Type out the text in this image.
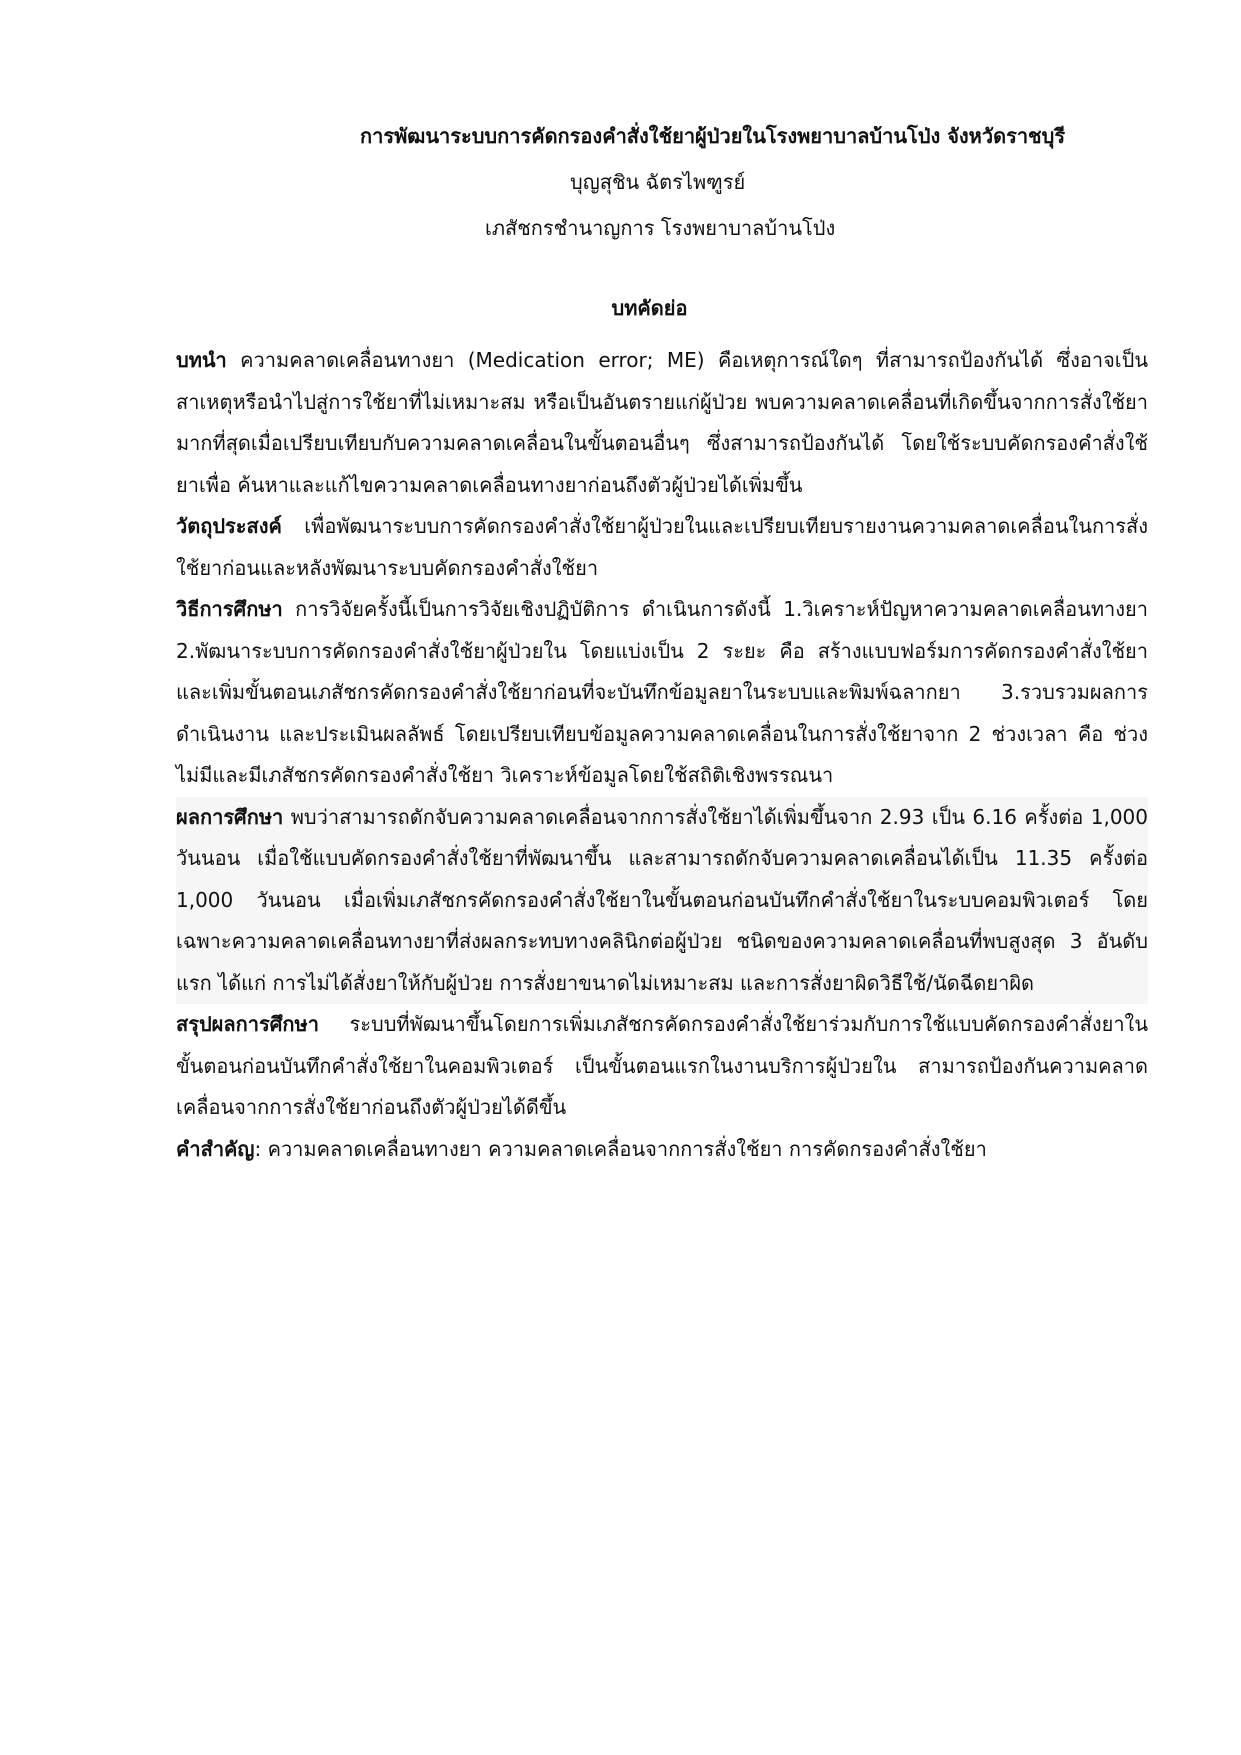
การพัฒนาระบบการคัดกรองคำสั่งใช้ยาผู้ป่วยในโรงพยาบาลบ้านโป่ง จังหวัดราชบุรี
บุญสุชิน ฉัตรไพฑูรย์
เภสัชกรชำนาญการ โรงพยาบาลบ้านโป่ง
บทคัดย่อ

บทนำ ความคลาดเคลื่อนทางยา (Medication error; ME) คือเหตุการณ์ใดๆ ที่สามารถป้องกันได้ ซึ่งอาจเป็นสาเหตุหรือนำไปสู่การใช้ยาที่ไม่เหมาะสม หรือเป็นอันตรายแก่ผู้ป่วย พบความคลาดเคลื่อนที่เกิดขึ้นจากการสั่งใช้ยามากที่สุดเมื่อเปรียบเทียบกับความคลาดเคลื่อนในขั้นตอนอื่นๆ ซึ่งสามารถป้องกันได้ โดยใช้ระบบคัดกรองคำสั่งใช้ยาเพื่อ ค้นหาและแก้ไขความคลาดเคลื่อนทางยาก่อนถึงตัวผู้ป่วยได้เพิ่มขึ้น

วัตถุประสงค์ เพื่อพัฒนาระบบการคัดกรองคำสั่งใช้ยาผู้ป่วยในและเปรียบเทียบรายงานความคลาดเคลื่อนในการสั่งใช้ยาก่อนและหลังพัฒนาระบบคัดกรองคำสั่งใช้ยา

วิธีการศึกษา การวิจัยครั้งนี้เป็นการวิจัยเชิงปฏิบัติการ ดำเนินการดังนี้ 1.วิเคราะห์ปัญหาความคลาดเคลื่อนทางยา 2.พัฒนาระบบการคัดกรองคำสั่งใช้ยาผู้ป่วยใน โดยแบ่งเป็น 2 ระยะ คือ สร้างแบบฟอร์มการคัดกรองคำสั่งใช้ยาและเพิ่มขั้นตอนเภสัชกรคัดกรองคำสั่งใช้ยาก่อนที่จะบันทึกข้อมูลยาในระบบและพิมพ์ฉลากยา 3.รวบรวมผลการดำเนินงาน และประเมินผลลัพธ์ โดยเปรียบเทียบข้อมูลความคลาดเคลื่อนในการสั่งใช้ยาจาก 2 ช่วงเวลา คือ ช่วงไม่มีและมีเภสัชกรคัดกรองคำสั่งใช้ยา วิเคราะห์ข้อมูลโดยใช้สถิติเชิงพรรณนา

ผลการศึกษา พบว่าสามารถดักจับความคลาดเคลื่อนจากการสั่งใช้ยาได้เพิ่มขึ้นจาก 2.93 เป็น 6.16 ครั้งต่อ 1,000 วันนอน เมื่อใช้แบบคัดกรองคำสั่งใช้ยาที่พัฒนาขึ้น และสามารถดักจับความคลาดเคลื่อนได้เป็น 11.35 ครั้งต่อ 1,000 วันนอน เมื่อเพิ่มเภสัชกรคัดกรองคำสั่งใช้ยาในขั้นตอนก่อนบันทึกคำสั่งใช้ยาในระบบคอมพิวเตอร์ โดยเฉพาะความคลาดเคลื่อนทางยาที่ส่งผลกระทบทางคลินิกต่อผู้ป่วย ชนิดของความคลาดเคลื่อนที่พบสูงสุด 3 อันดับแรก ได้แก่ การไม่ได้สั่งยาให้กับผู้ป่วย การสั่งยาขนาดไม่เหมาะสม และการสั่งยาผิดวิธีใช้/นัดฉีดยาผิด

สรุปผลการศึกษา ระบบที่พัฒนาขึ้นโดยการเพิ่มเภสัชกรคัดกรองคำสั่งใช้ยาร่วมกับการใช้แบบคัดกรองคำสั่งยาในขั้นตอนก่อนบันทึกคำสั่งใช้ยาในคอมพิวเตอร์ เป็นขั้นตอนแรกในงานบริการผู้ป่วยใน สามารถป้องกันความคลาดเคลื่อนจากการสั่งใช้ยาก่อนถึงตัวผู้ป่วยได้ดีขึ้น

คำสำคัญ: ความคลาดเคลื่อนทางยา ความคลาดเคลื่อนจากการสั่งใช้ยา การคัดกรองคำสั่งใช้ยา
